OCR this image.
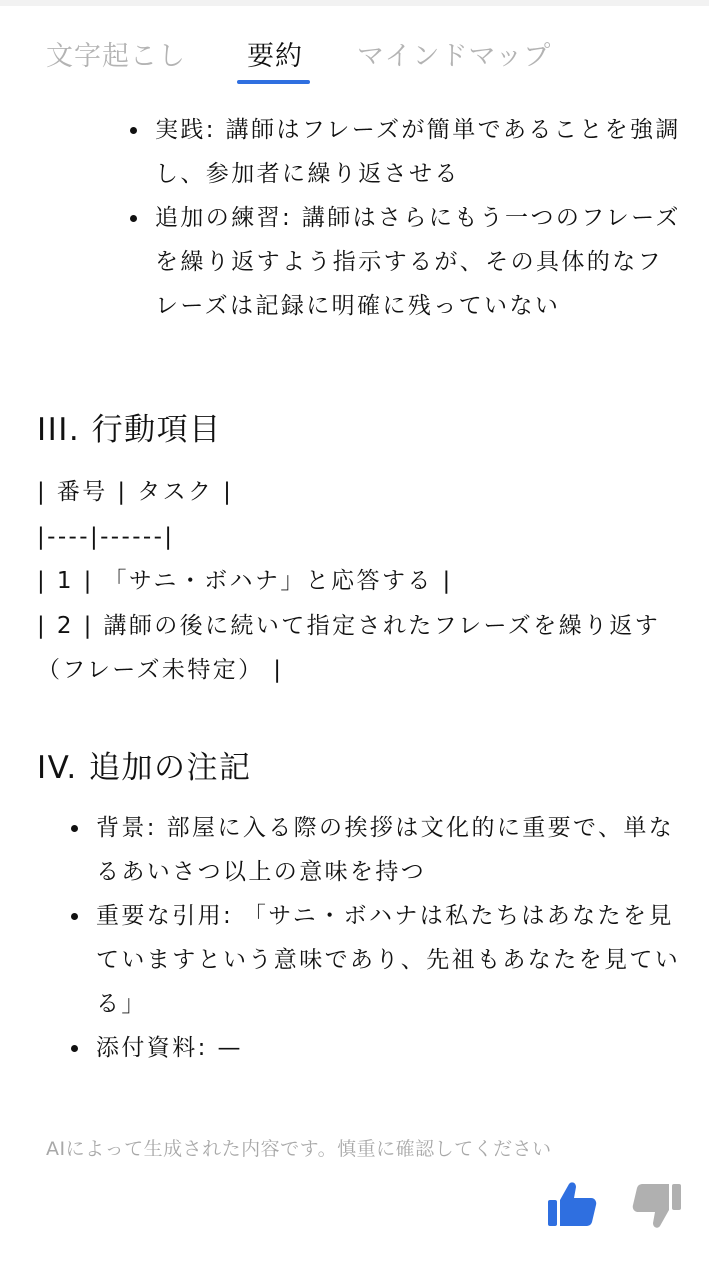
文字起こし 要約 マインドマップ
実践: 講師はフレーズが簡単であることを強調し、参加者に繰り返させる
追加の練習: 講師はさらにもう一つのフレーズを繰り返すよう指示するが、その具体的なフレーズは記録に明確に残っていない
III. 行動項目
| 番号 | タスク |
|----|------|
| 1 | 「サニ・ボハナ」と応答する |
| 2 | 講師の後に続いて指定されたフレーズを繰り返す（フレーズ未特定） |
IV. 追加の注記
背景: 部屋に入る際の挨拶は文化的に重要で、単なるあいさつ以上の意味を持つ
重要な引用: 「サニ・ボハナは私たちはあなたを見ていますという意味であり、先祖もあなたを見ている」
添付資料: —
AIによって生成された内容です。慎重に確認してください
